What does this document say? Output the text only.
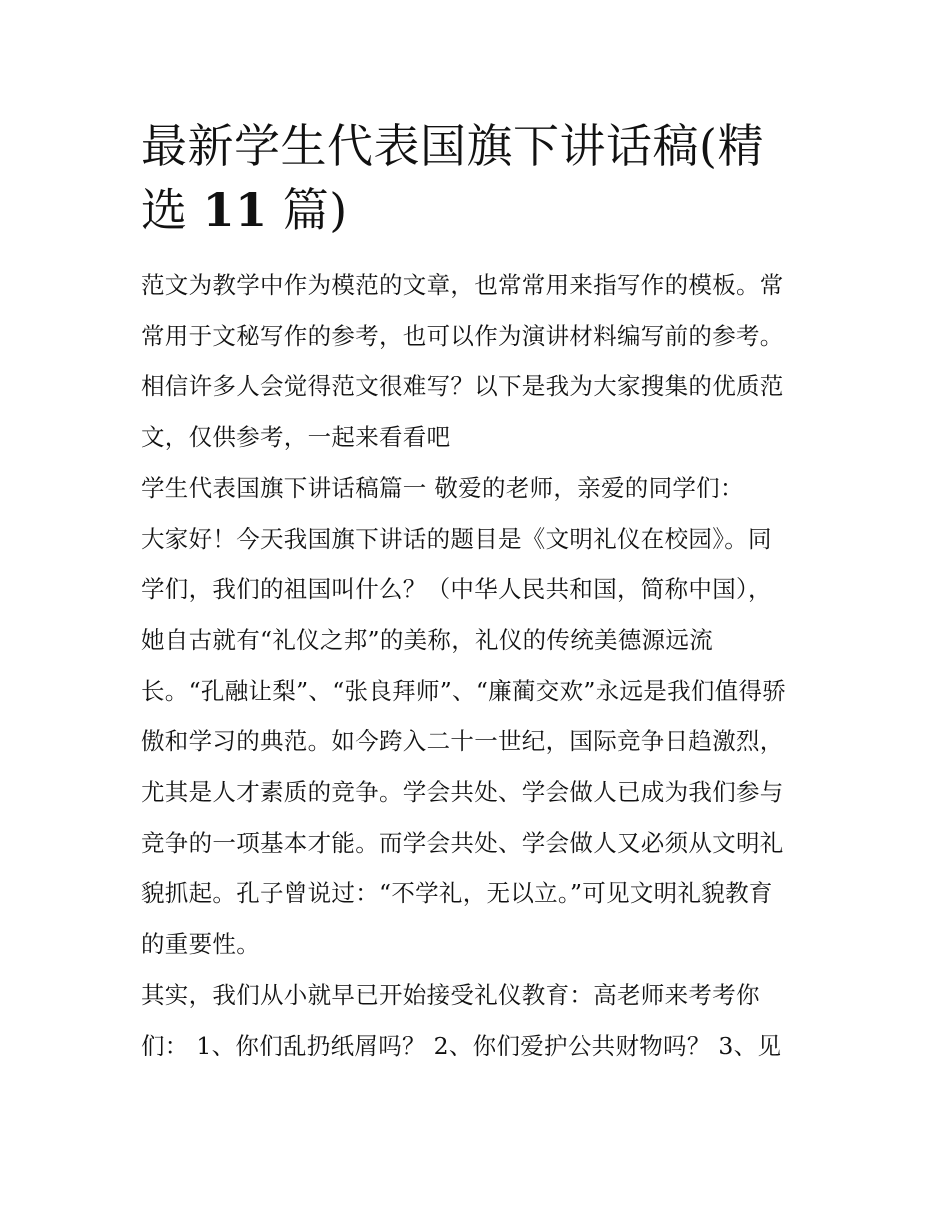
最新学生代表国旗下讲话稿(精
选 11 篇)
范文为教学中作为模范的文章，也常常用来指写作的模板。常
常用于文秘写作的参考，也可以作为演讲材料编写前的参考。
相信许多人会觉得范文很难写？以下是我为大家搜集的优质范
文，仅供参考，一起来看看吧
学生代表国旗下讲话稿篇一 敬爱的老师，亲爱的同学们：
大家好！今天我国旗下讲话的题目是《文明礼仪在校园》。同
学们，我们的祖国叫什么？（中华人民共和国，简称中国），
她自古就有“礼仪之邦”的美称，礼仪的传统美德源远流
长。“孔融让梨”、“张良拜师”、“廉蔺交欢”永远是我们值得骄
傲和学习的典范。如今跨入二十一世纪，国际竞争日趋激烈，
尤其是人才素质的竞争。学会共处、学会做人已成为我们参与
竞争的一项基本才能。而学会共处、学会做人又必须从文明礼
貌抓起。孔子曾说过：“不学礼，无以立。”可见文明礼貌教育
的重要性。
其实，我们从小就早已开始接受礼仪教育：高老师来考考你
们： 1、你们乱扔纸屑吗？ 2、你们爱护公共财物吗？ 3、见
